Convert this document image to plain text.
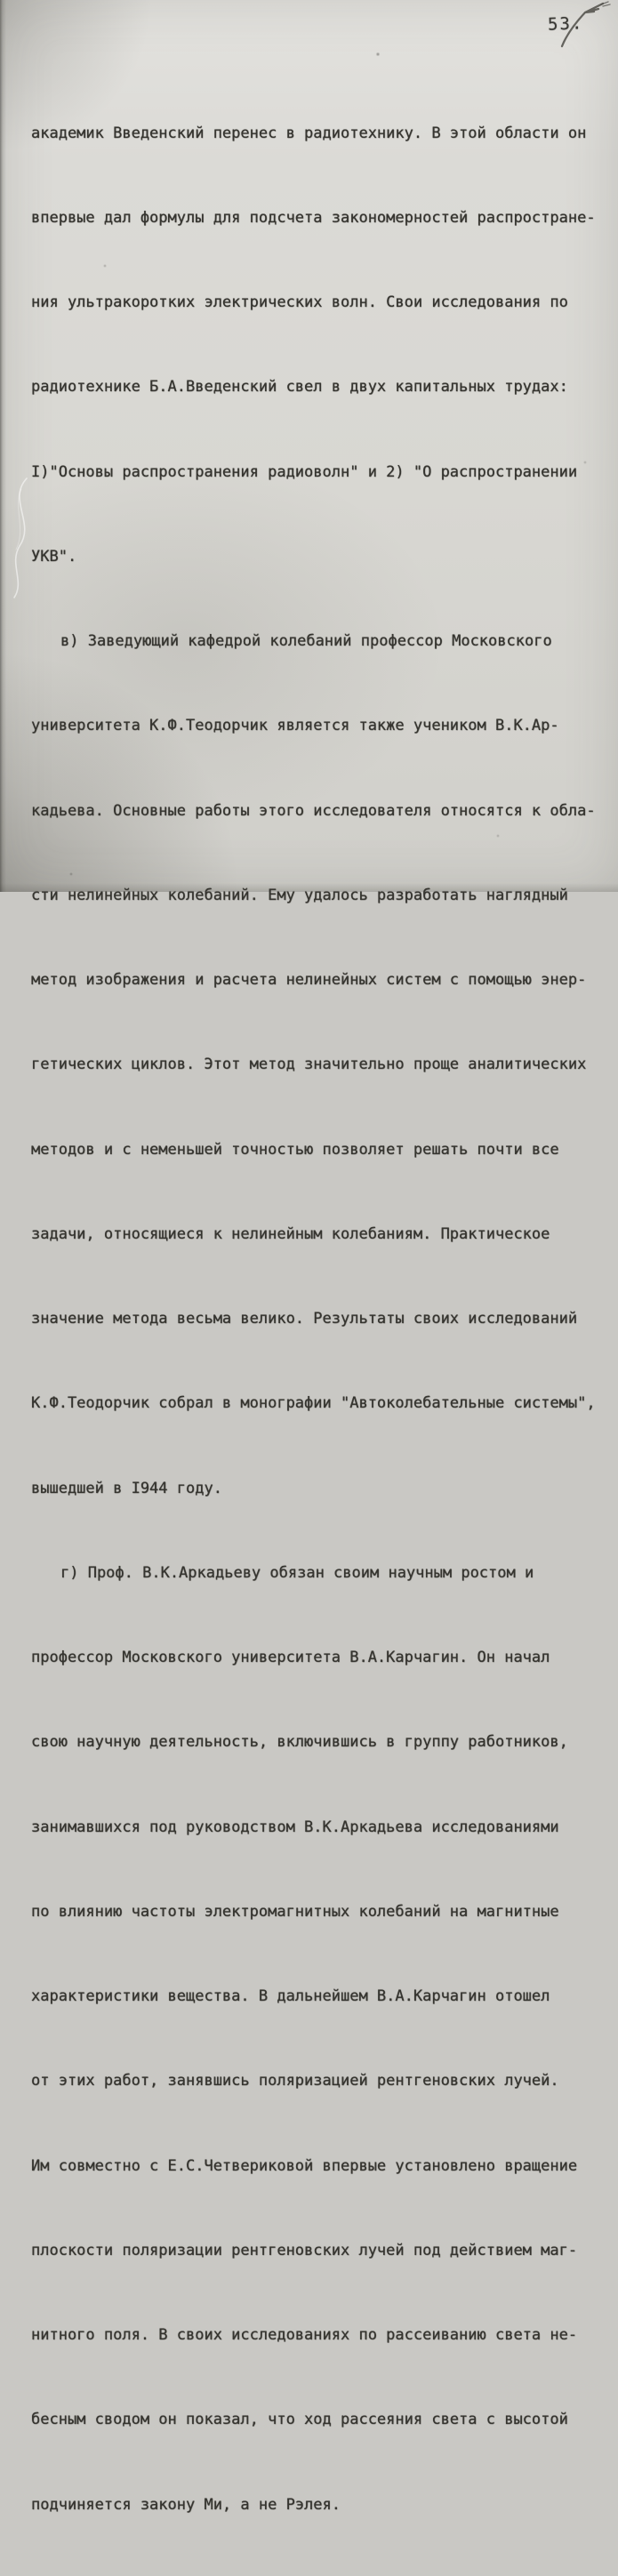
53.

академик Введенский перенес в радиотехнику. В этой области он

впервые дал формулы для подсчета закономерностей распростране-

ния ультракоротких электрических волн. Свои исследования по

радиотехнике Б.А.Введенский свел в двух капитальных трудах:

I)"Основы распространения радиоволн" и 2) "О распространении

УКВ".

в) Заведующий кафедрой колебаний профессор Московского

университета К.Ф.Теодорчик является также учеником В.К.Ар-

кадьева. Основные работы этого исследователя относятся к обла-

сти нелинейных колебаний. Ему удалось разработать наглядный

метод изображения и расчета нелинейных систем с помощью энер-

гетических циклов. Этот метод значительно проще аналитических

методов и с неменьшей точностью позволяет решать почти все

задачи, относящиеся к нелинейным колебаниям. Практическое

значение метода весьма велико. Результаты своих исследований

К.Ф.Теодорчик собрал в монографии "Автоколебательные системы",

вышедшей в I944 году.

г) Проф. В.К.Аркадьеву обязан своим научным ростом и

профессор Московского университета В.А.Карчагин. Он начал

свою научную деятельность, включившись в группу работников,

занимавшихся под руководством В.К.Аркадьева исследованиями

по влиянию частоты электромагнитных колебаний на магнитные

характеристики вещества. В дальнейшем В.А.Карчагин отошел

от этих работ, занявшись поляризацией рентгеновских лучей.

Им совместно с Е.С.Четвериковой впервые установлено вращение

плоскости поляризации рентгеновских лучей под действием маг-

нитного поля. В своих исследованиях по рассеиванию света не-

бесным сводом он показал, что ход рассеяния света с высотой

подчиняется закону Ми, а не Рэлея.
